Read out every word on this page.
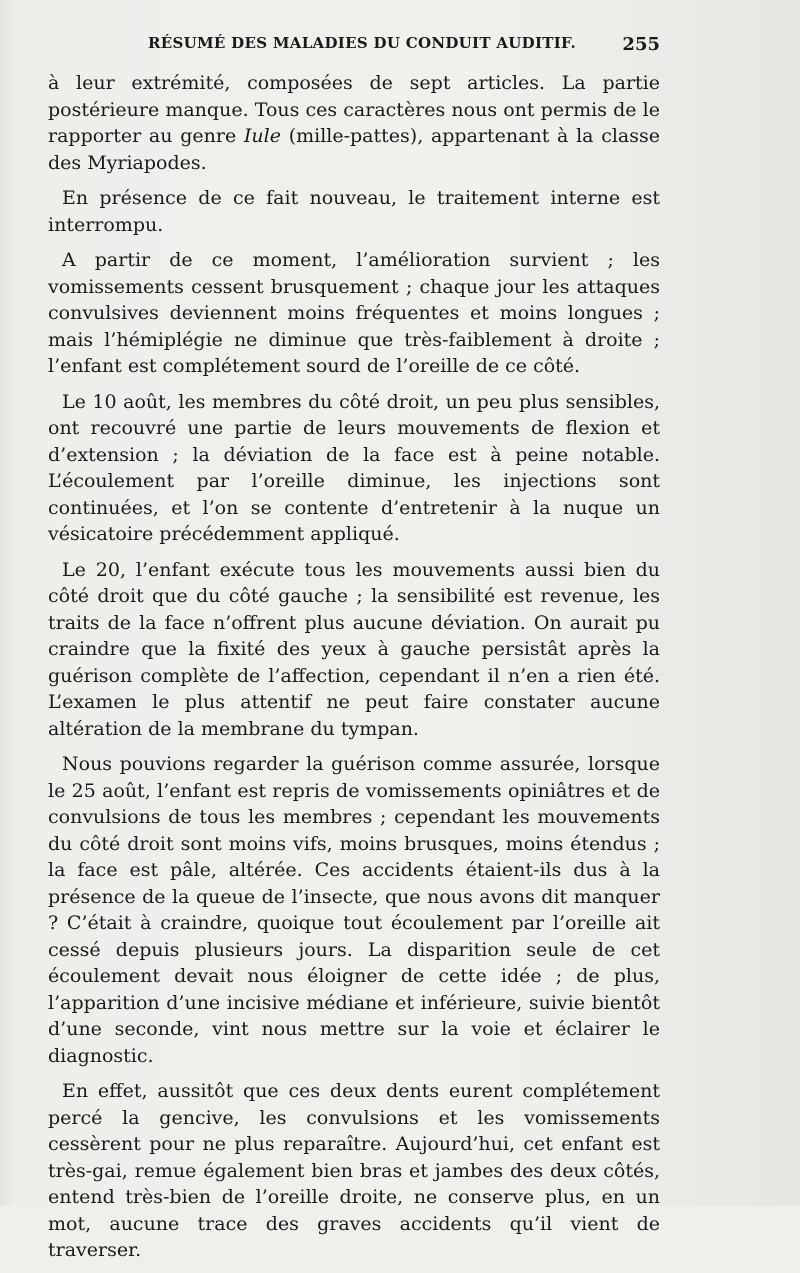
RÉSUMÉ DES MALADIES DU CONDUIT AUDITIF.	255

à leur extrémité, composées de sept articles. La partie postérieure manque. Tous ces caractères nous ont permis de le rapporter au genre Iule (mille-pattes), appartenant à la classe des Myriapodes.

En présence de ce fait nouveau, le traitement interne est interrompu.

A partir de ce moment, l’amélioration survient ; les vomissements cessent brusquement ; chaque jour les attaques convulsives deviennent moins fréquentes et moins longues ; mais l’hémiplégie ne diminue que très-faiblement à droite ; l’enfant est complétement sourd de l’oreille de ce côté.

Le 10 août, les membres du côté droit, un peu plus sensibles, ont recouvré une partie de leurs mouvements de flexion et d’extension ; la déviation de la face est à peine notable. L’écoulement par l’oreille diminue, les injections sont continuées, et l’on se contente d’entretenir à la nuque un vésicatoire précédemment appliqué.

Le 20, l’enfant exécute tous les mouvements aussi bien du côté droit que du côté gauche ; la sensibilité est revenue, les traits de la face n’offrent plus aucune déviation. On aurait pu craindre que la fixité des yeux à gauche persistât après la guérison complète de l’affection, cependant il n’en a rien été. L’examen le plus attentif ne peut faire constater aucune altération de la membrane du tympan.

Nous pouvions regarder la guérison comme assurée, lorsque le 25 août, l’enfant est repris de vomissements opiniâtres et de convulsions de tous les membres ; cependant les mouvements du côté droit sont moins vifs, moins brusques, moins étendus ; la face est pâle, altérée. Ces accidents étaient-ils dus à la présence de la queue de l’insecte, que nous avons dit manquer ? C’était à craindre, quoique tout écoulement par l’oreille ait cessé depuis plusieurs jours. La disparition seule de cet écoulement devait nous éloigner de cette idée ; de plus, l’apparition d’une incisive médiane et inférieure, suivie bientôt d’une seconde, vint nous mettre sur la voie et éclairer le diagnostic.

En effet, aussitôt que ces deux dents eurent complétement percé la gencive, les convulsions et les vomissements cessèrent pour ne plus reparaître. Aujourd’hui, cet enfant est très-gai, remue également bien bras et jambes des deux côtés, entend très-bien de l’oreille droite, ne conserve plus, en un mot, aucune trace des graves accidents qu’il vient de traverser.
